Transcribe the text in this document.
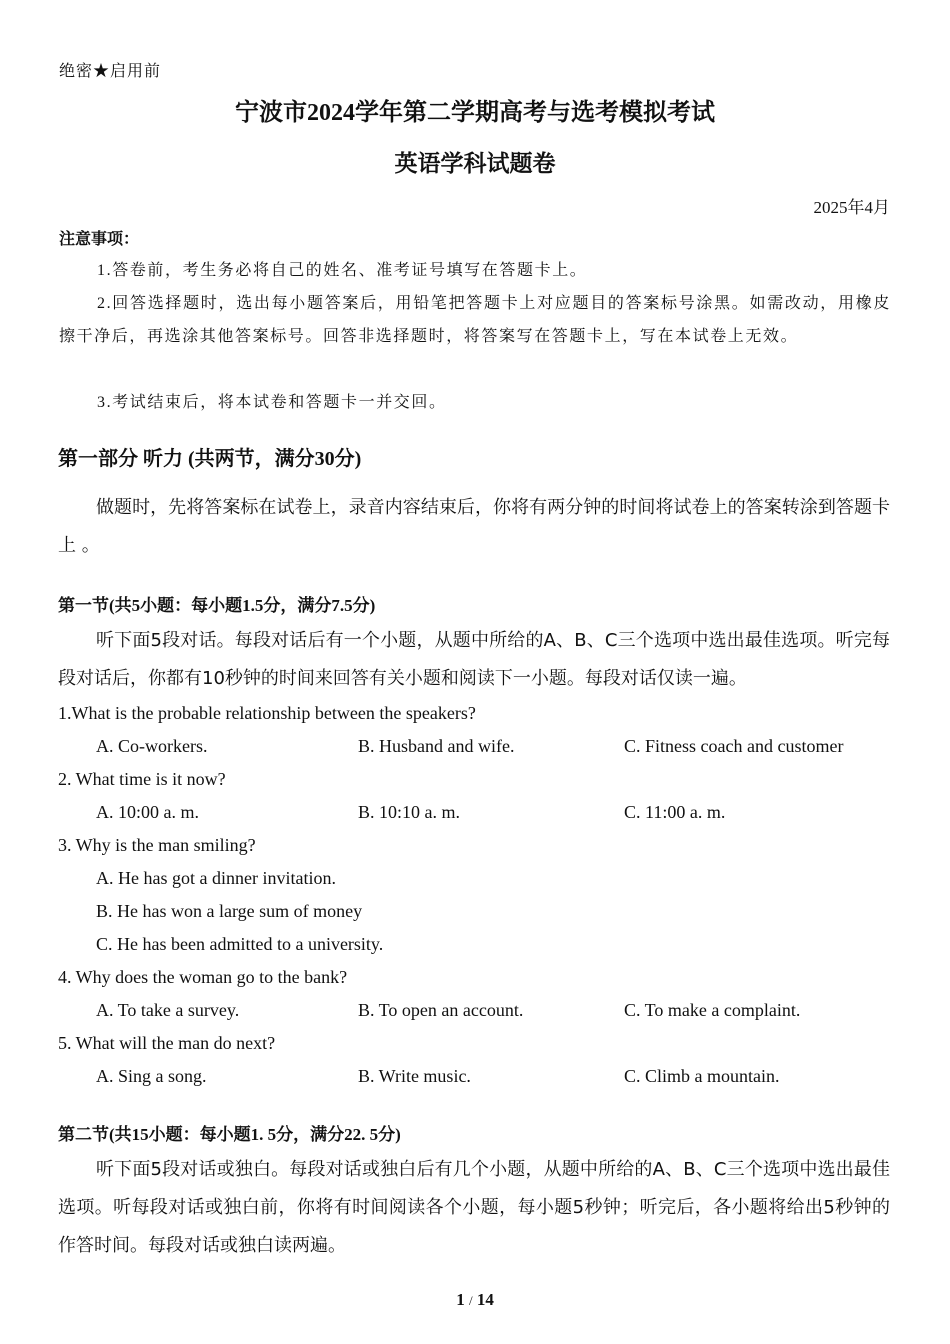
绝密★启用前
宁波市2024学年第二学期高考与选考模拟考试
英语学科试题卷
2025年4月
注意事项：
1.答卷前，考生务必将自己的姓名、准考证号填写在答题卡上。
2.回答选择题时，选出每小题答案后，用铅笔把答题卡上对应题目的答案标号涂黑。如需改动，用橡皮擦干净后，再选涂其他答案标号。回答非选择题时，将答案写在答题卡上，写在本试卷上无效。
3.考试结束后，将本试卷和答题卡一并交回。
第一部分 听力 (共两节，满分30分)
做题时，先将答案标在试卷上，录音内容结束后，你将有两分钟的时间将试卷上的答案转涂到答题卡上 。
第一节(共5小题：每小题1.5分，满分7.5分)
听下面5段对话。每段对话后有一个小题，从题中所给的A、B、C三个选项中选出最佳选项。听完每段对话后，你都有10秒钟的时间来回答有关小题和阅读下一小题。每段对话仅读一遍。
1.What is the probable relationship between the speakers?
A. Co-workers.	B. Husband and wife.	C. Fitness coach and customer
2. What time is it now?
A. 10:00 a. m.	B. 10:10 a. m.	C. 11:00 a. m.
3. Why is the man smiling?
A. He has got a dinner invitation.
B. He has won a large sum of money
C. He has been admitted to a university.
4. Why does the woman go to the bank?
A. To take a survey.	B. To open an account.	C. To make a complaint.
5. What will the man do next?
A. Sing a song.	B. Write music.	C. Climb a mountain.
第二节(共15小题：每小题1. 5分，满分22. 5分)
听下面5段对话或独白。每段对话或独白后有几个小题，从题中所给的A、B、C三个选项中选出最佳选项。听每段对话或独白前，你将有时间阅读各个小题，每小题5秒钟；听完后，各小题将给出5秒钟的作答时间。每段对话或独白读两遍。
1 / 14
